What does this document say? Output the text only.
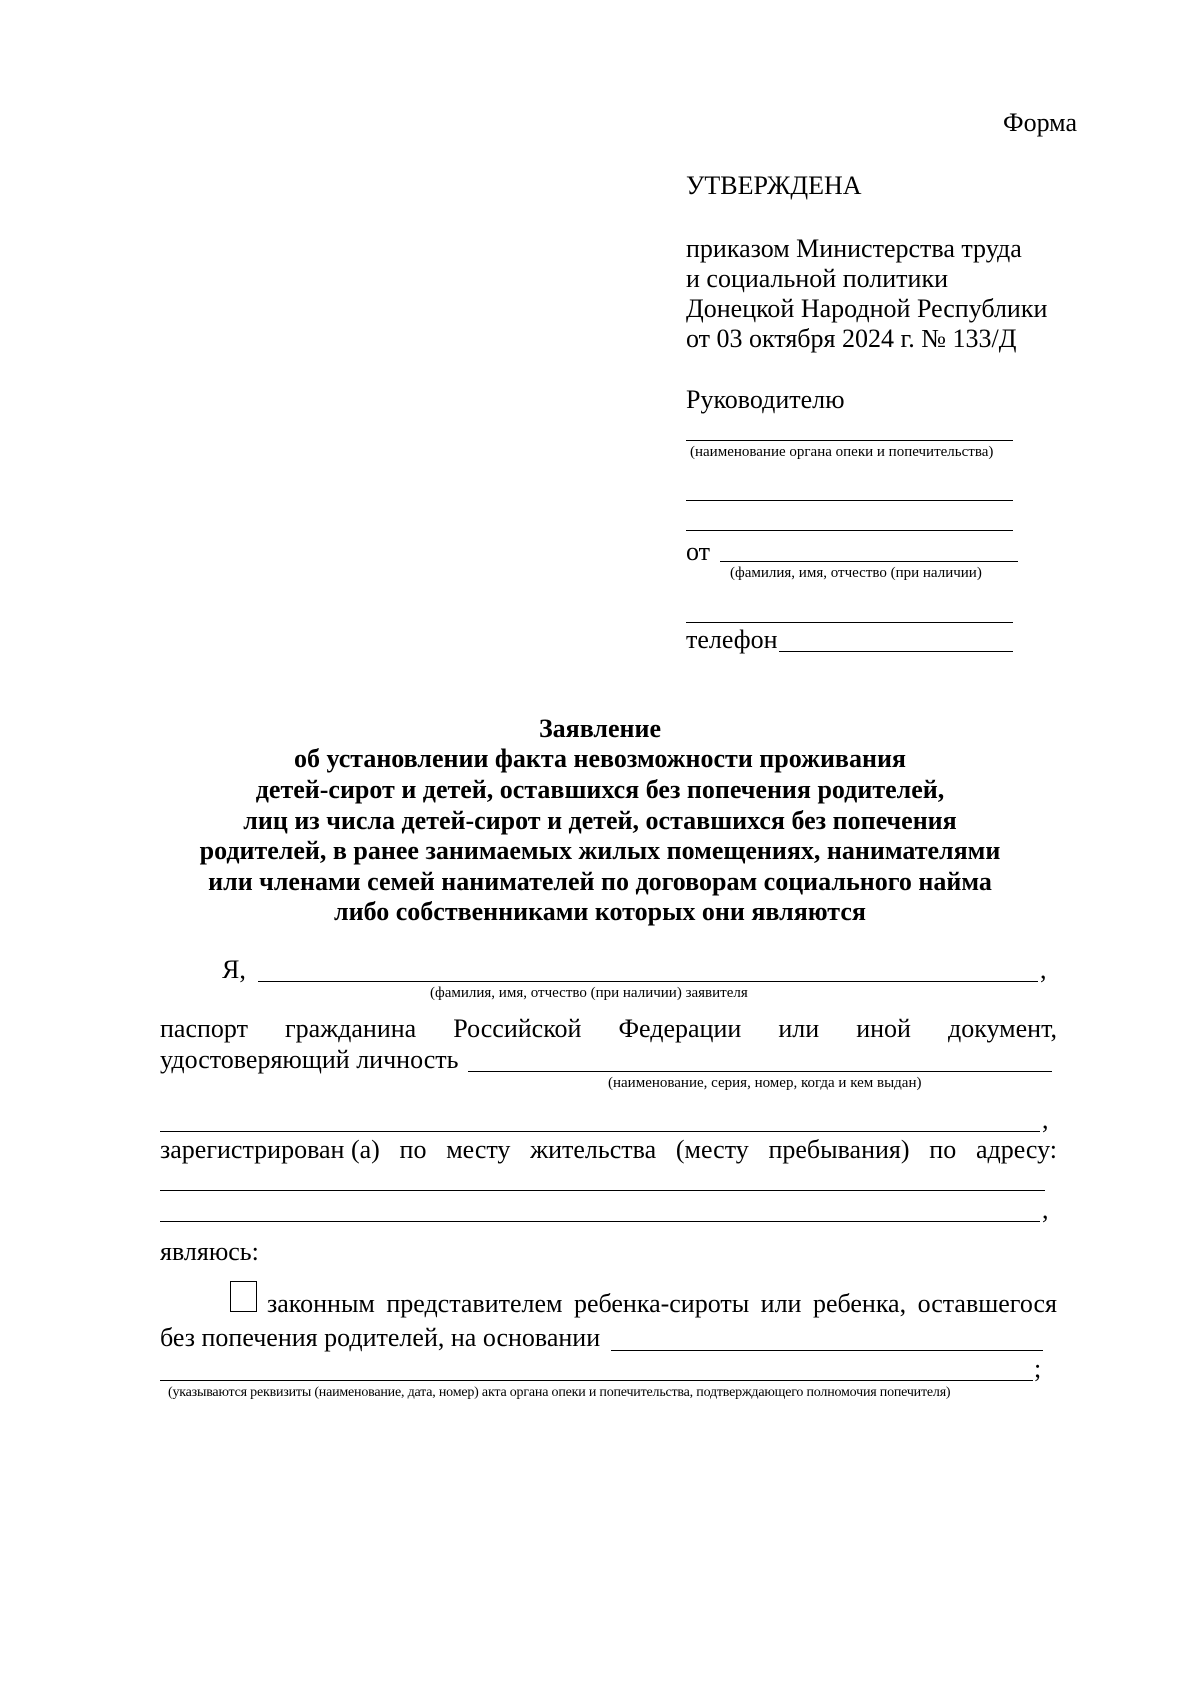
Форма
УТВЕРЖДЕНА
приказом Министерства труда
и социальной политики
Донецкой Народной Республики
от 03 октября 2024 г. № 133/Д
Руководителю
(наименование органа опеки и попечительства)
от
(фамилия, имя, отчество (при наличии)
телефон
Заявление
об установлении факта невозможности проживания
детей-сирот и детей, оставшихся без попечения родителей,
лиц из числа детей-сирот и детей, оставшихся без попечения
родителей, в ранее занимаемых жилых помещениях, нанимателями
или членами семей нанимателей по договорам социального найма
либо собственниками которых они являются
Я,	,
(фамилия, имя, отчество (при наличии) заявителя
паспорт гражданина Российской Федерации или иной документ,
удостоверяющий личность
(наименование, серия, номер, когда и кем выдан)
,
зарегистрирован (а) по месту жительства (месту пребывания) по адресу:
,
являюсь:
законным представителем ребенка-сироты или ребенка, оставшегося
без попечения родителей, на основании
;
(указываются реквизиты (наименование, дата, номер) акта органа опеки и попечительства, подтверждающего полномочия попечителя)
